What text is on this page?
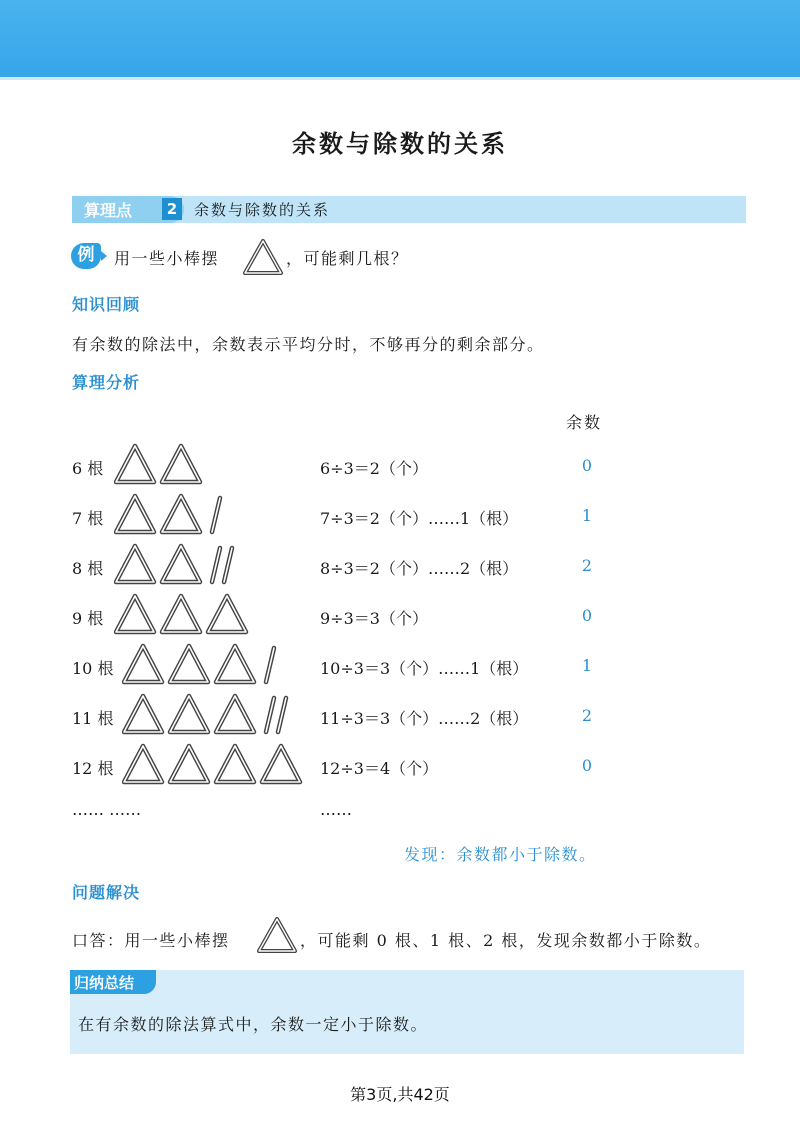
余数与除数的关系
算理点	2	余数与除数的关系
例	用一些小棒摆	，可能剩几根？
知识回顾
有余数的除法中，余数表示平均分时，不够再分的剩余部分。
算理分析
余数
6 根	6÷3＝2（个）	0
7 根	7÷3＝2（个）……1（根）	1
8 根	8÷3＝2（个）……2（根）	2
9 根	9÷3＝3（个）	0
10 根	10÷3＝3（个）……1（根）	1
11 根	11÷3＝3（个）……2（根）	2
12 根	12÷3＝4（个）	0
…… ……	……
发现：余数都小于除数。
问题解决
口答：用一些小棒摆	，可能剩 0 根、1 根、2 根，发现余数都小于除数。
归纳总结
在有余数的除法算式中，余数一定小于除数。
第3页,共42页
